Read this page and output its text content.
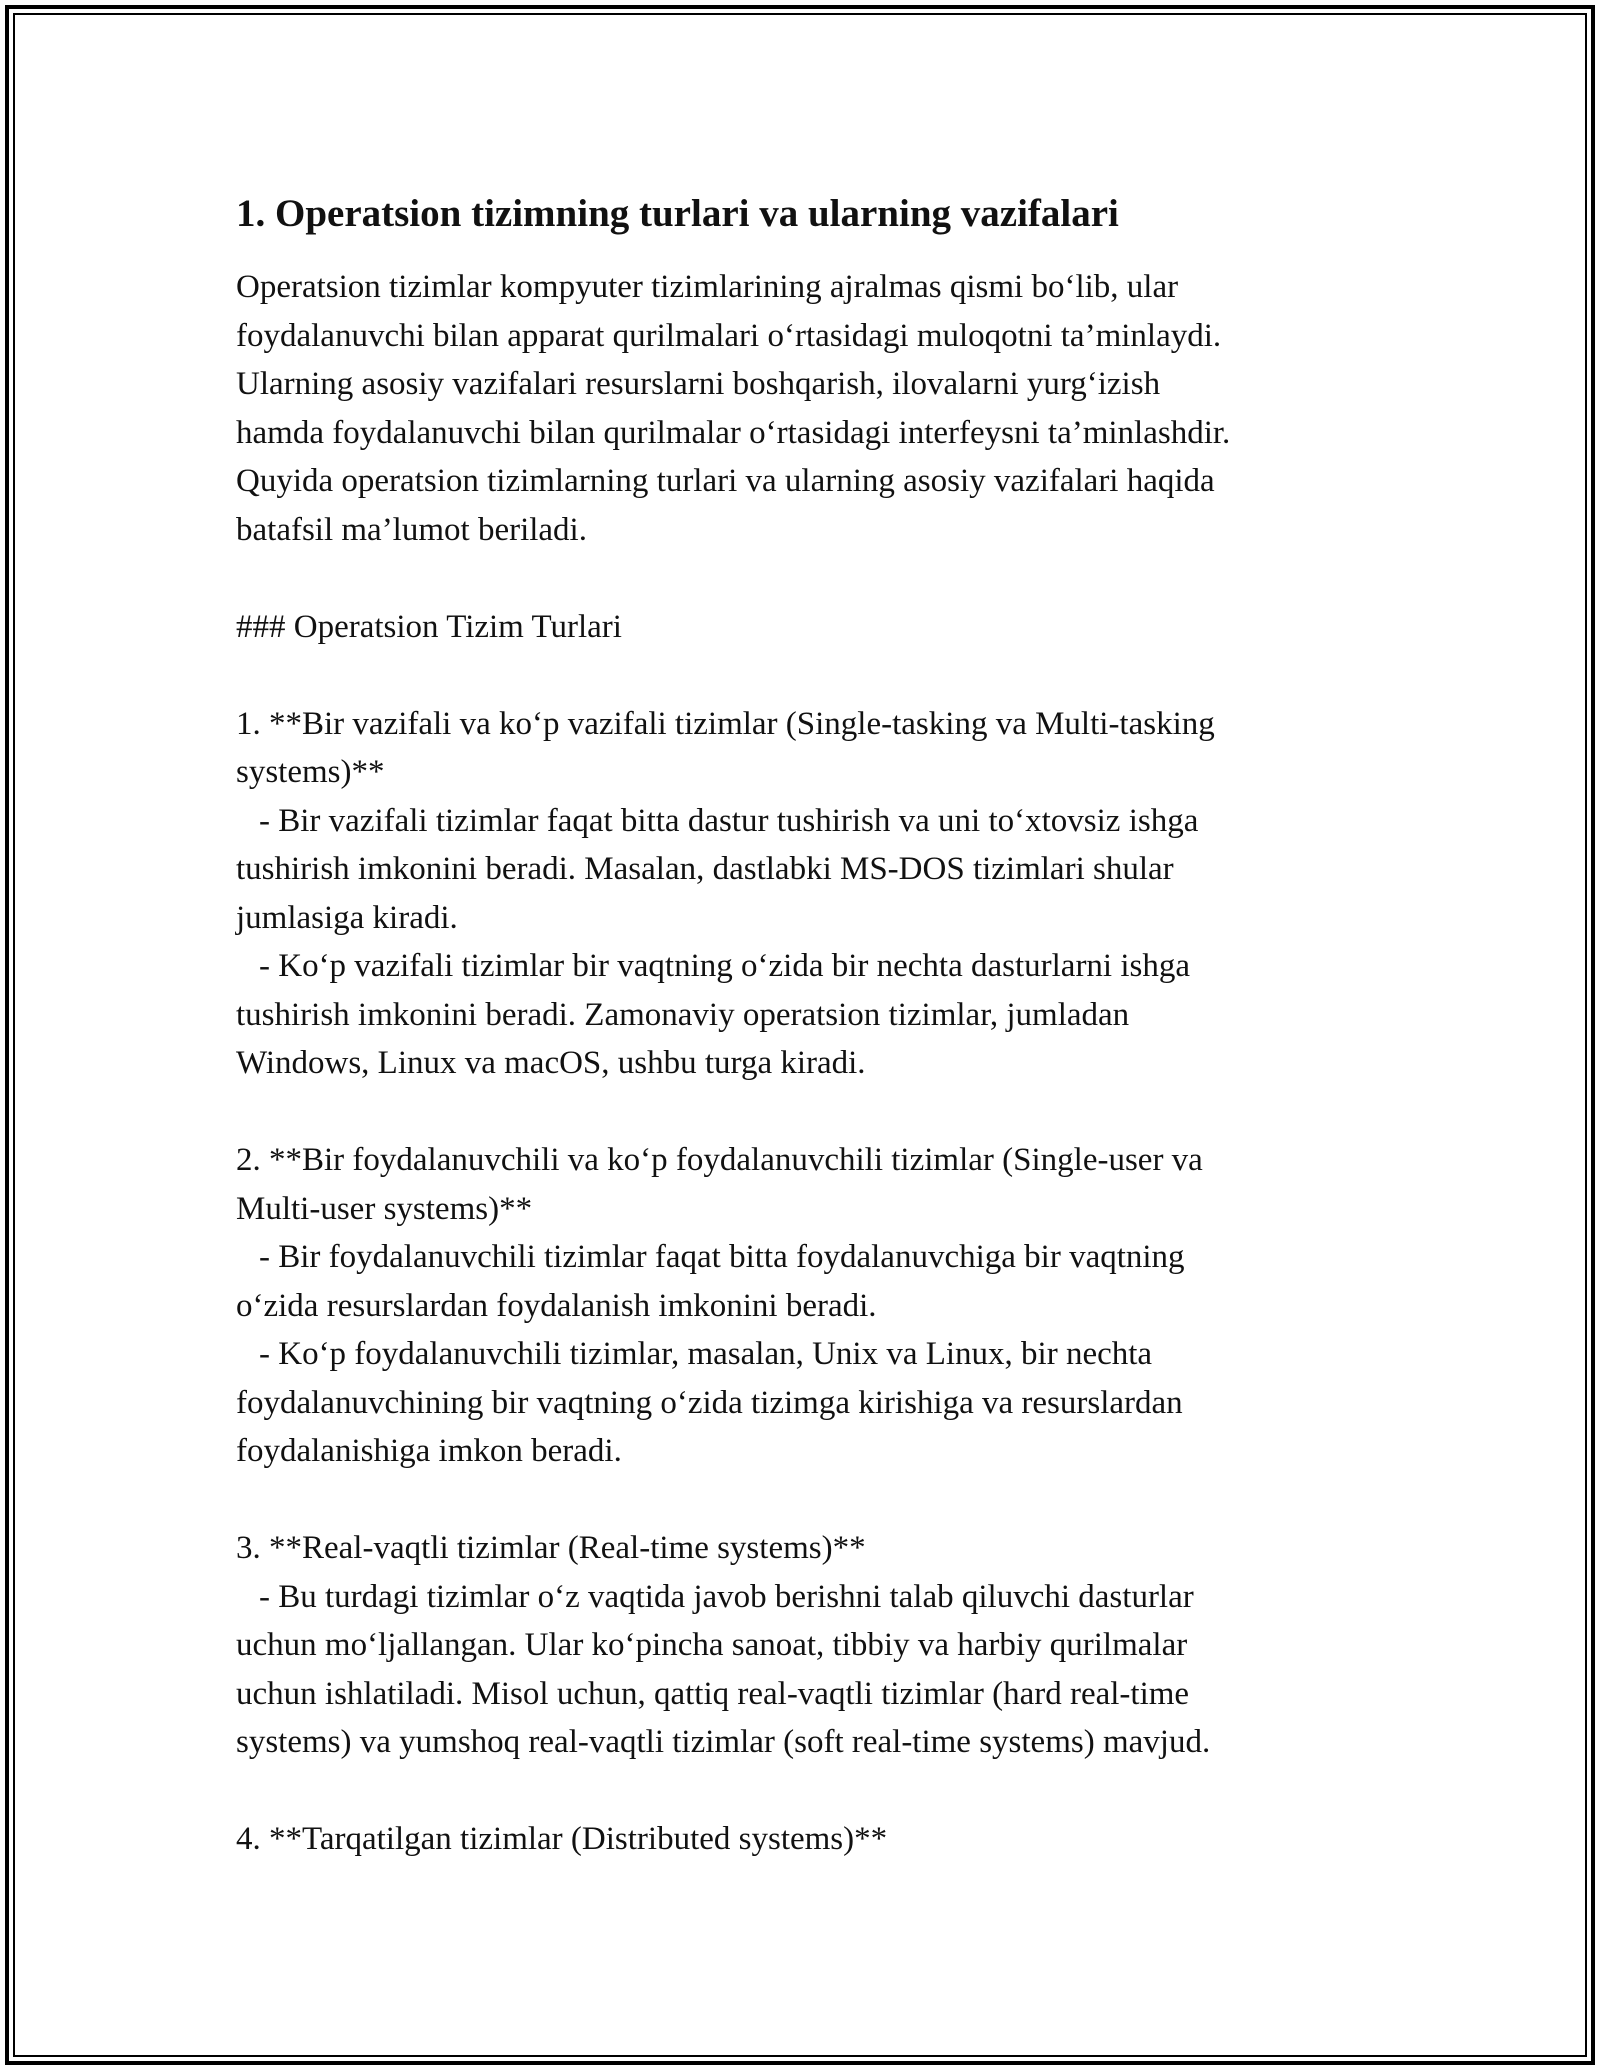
1. Operatsion tizimning turlari va ularning vazifalari
Operatsion tizimlar kompyuter tizimlarining ajralmas qismi bo‘lib, ular
foydalanuvchi bilan apparat qurilmalari o‘rtasidagi muloqotni ta’minlaydi.
Ularning asosiy vazifalari resurslarni boshqarish, ilovalarni yurg‘izish
hamda foydalanuvchi bilan qurilmalar o‘rtasidagi interfeysni ta’minlashdir.
Quyida operatsion tizimlarning turlari va ularning asosiy vazifalari haqida
batafsil ma’lumot beriladi.
### Operatsion Tizim Turlari
1. **Bir vazifali va ko‘p vazifali tizimlar (Single-tasking va Multi-tasking
systems)**
- Bir vazifali tizimlar faqat bitta dastur tushirish va uni to‘xtovsiz ishga
tushirish imkonini beradi. Masalan, dastlabki MS-DOS tizimlari shular
jumlasiga kiradi.
- Ko‘p vazifali tizimlar bir vaqtning o‘zida bir nechta dasturlarni ishga
tushirish imkonini beradi. Zamonaviy operatsion tizimlar, jumladan
Windows, Linux va macOS, ushbu turga kiradi.
2. **Bir foydalanuvchili va ko‘p foydalanuvchili tizimlar (Single-user va
Multi-user systems)**
- Bir foydalanuvchili tizimlar faqat bitta foydalanuvchiga bir vaqtning
o‘zida resurslardan foydalanish imkonini beradi.
- Ko‘p foydalanuvchili tizimlar, masalan, Unix va Linux, bir nechta
foydalanuvchining bir vaqtning o‘zida tizimga kirishiga va resurslardan
foydalanishiga imkon beradi.
3. **Real-vaqtli tizimlar (Real-time systems)**
- Bu turdagi tizimlar o‘z vaqtida javob berishni talab qiluvchi dasturlar
uchun mo‘ljallangan. Ular ko‘pincha sanoat, tibbiy va harbiy qurilmalar
uchun ishlatiladi. Misol uchun, qattiq real-vaqtli tizimlar (hard real-time
systems) va yumshoq real-vaqtli tizimlar (soft real-time systems) mavjud.
4. **Tarqatilgan tizimlar (Distributed systems)**
